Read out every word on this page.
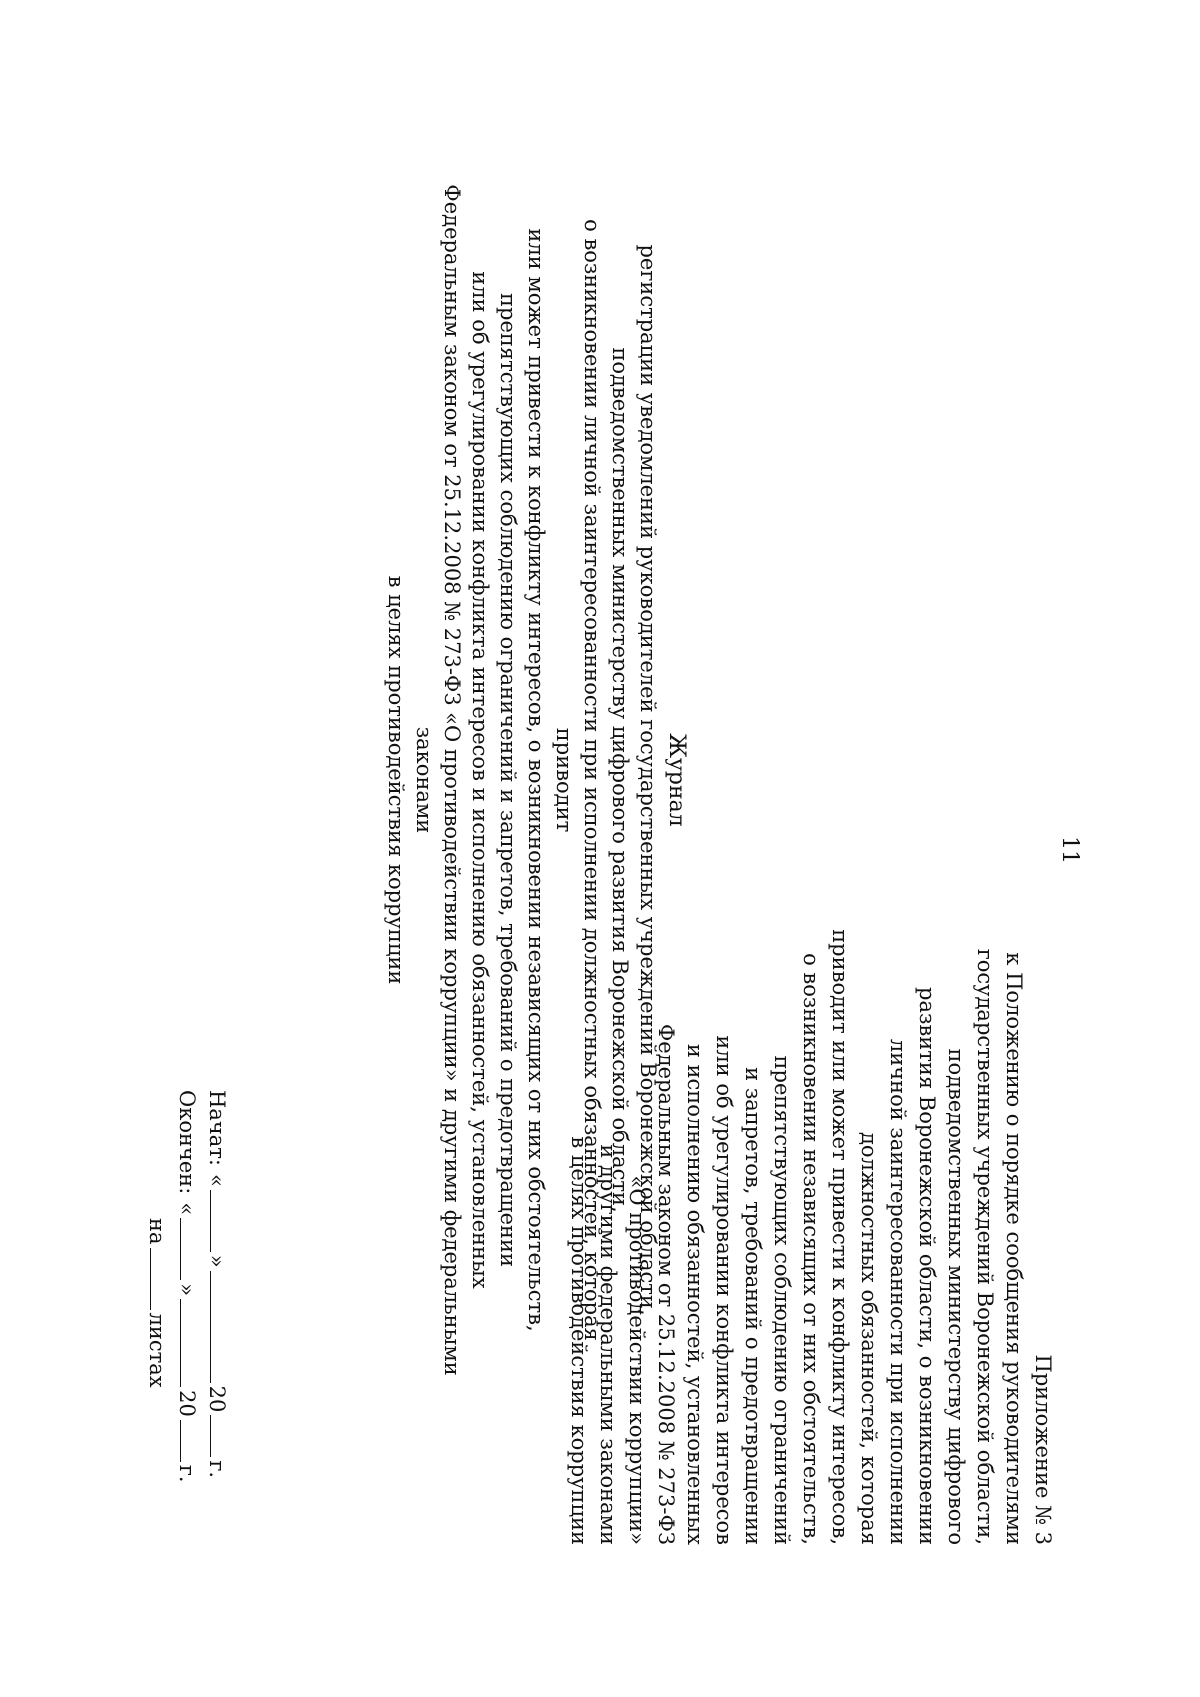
11
Приложение № 3
к Положению о порядке сообщения руководителями
государственных учреждений Воронежской области,
подведомственных министерству цифрового
развития Воронежской области, о возникновении
личной заинтересованности при исполнении
должностных обязанностей, которая
приводит или может привести к конфликту интересов,
о возникновении независящих от них обстоятельств,
препятствующих соблюдению ограничений
и запретов, требований о предотвращении
или об урегулировании конфликта интересов
и исполнению обязанностей, установленных
Федеральным законом от 25.12.2008 № 273-ФЗ
«О противодействии коррупции»
и другими федеральными законами
в целях противодействия коррупции
Журнал
регистрации уведомлений руководителей государственных учреждений Воронежской области,
подведомственных министерству цифрового развития Воронежской области,
о возникновении личной заинтересованности при исполнении должностных обязанностей, которая приводит
или может привести к конфликту интересов, о возникновении независящих от них обстоятельств,
препятствующих соблюдению ограничений и запретов, требований о предотвращении
или об урегулировании конфликта интересов и исполнению обязанностей, установленных
Федеральным законом от 25.12.2008 № 273-ФЗ «О противодействии коррупции» и другими федеральными законами
в целях противодействия коррупции
Начат:
«
»
20
г.
Окончен:
«
»
20
г.
на
листах
